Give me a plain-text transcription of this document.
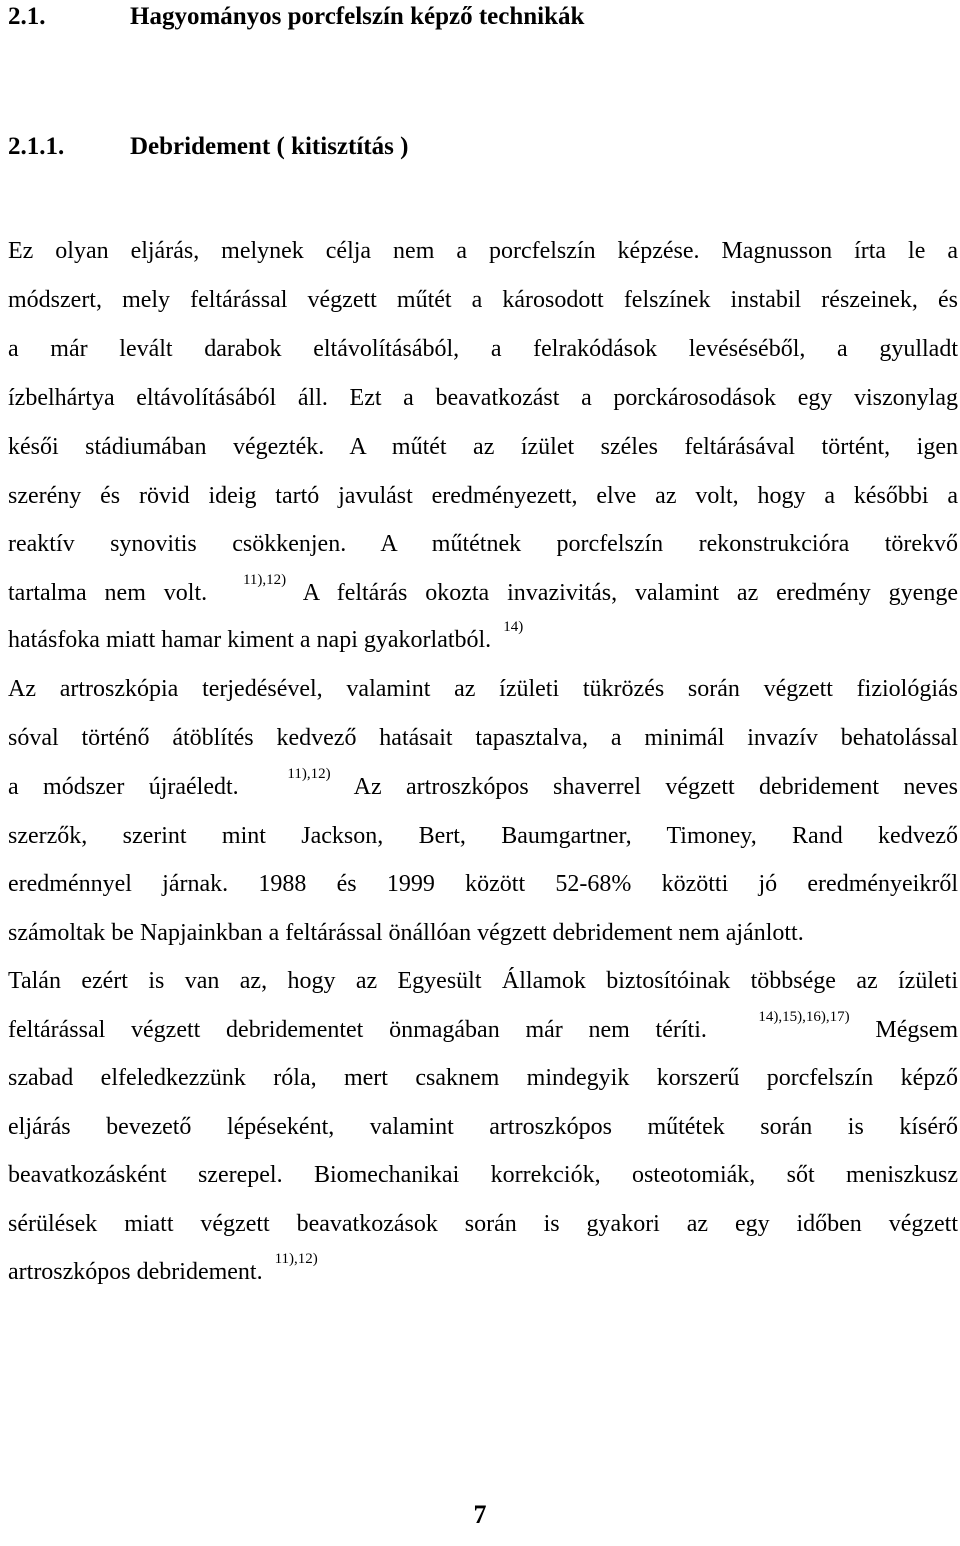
2.1.	Hagyományos porcfelszín képző technikák
2.1.1.	Debridement ( kitisztítás )
Ez olyan eljárás, melynek célja nem a porcfelszín képzése. Magnusson írta le a
módszert, mely feltárással végzett műtét a károsodott felszínek instabil részeinek, és
a már levált darabok eltávolításából, a felrakódások levéséséből, a gyulladt
ízbelhártya eltávolításából áll. Ezt a beavatkozást a porckárosodások egy viszonylag
késői stádiumában végezték. A műtét az ízület széles feltárásával történt, igen
szerény és rövid ideig tartó javulást eredményezett, elve az volt, hogy a későbbi a
reaktív synovitis csökkenjen. A műtétnek porcfelszín rekonstrukcióra törekvő
tartalma nem volt. $^{11),12)}$ A feltárás okozta invazivitás, valamint az eredmény gyenge
hatásfoka miatt hamar kiment a napi gyakorlatból. $^{14)}$
Az artroszkópia terjedésével, valamint az ízületi tükrözés során végzett fiziológiás
sóval történő átöblítés kedvező hatásait tapasztalva, a minimál invazív behatolással
a módszer újraéledt.	$^{11),12)}$ Az artroszkópos shaverrel végzett debridement neves
szerzők, szerint mint Jackson, Bert, Baumgartner, Timoney, Rand kedvező
eredménnyel járnak. 1988 és 1999 között 52-68% közötti jó eredményeikről
számoltak be Napjainkban a feltárással önállóan végzett debridement nem ajánlott.
Talán ezért is van az, hogy az Egyesült Államok biztosítóinak többsége az ízületi
feltárással végzett debridementet önmagában már nem téríti.	$^{14),15),16),17)}$ Mégsem
szabad elfeledkezzünk róla, mert csaknem mindegyik korszerű porcfelszín képző
eljárás bevezető lépéseként, valamint artroszkópos műtétek során is kísérő
beavatkozásként szerepel. Biomechanikai korrekciók, osteotomiák, sőt meniszkusz
sérülések miatt végzett beavatkozások során is gyakori az egy időben végzett
artroszkópos debridement. $^{11),12)}$
7
